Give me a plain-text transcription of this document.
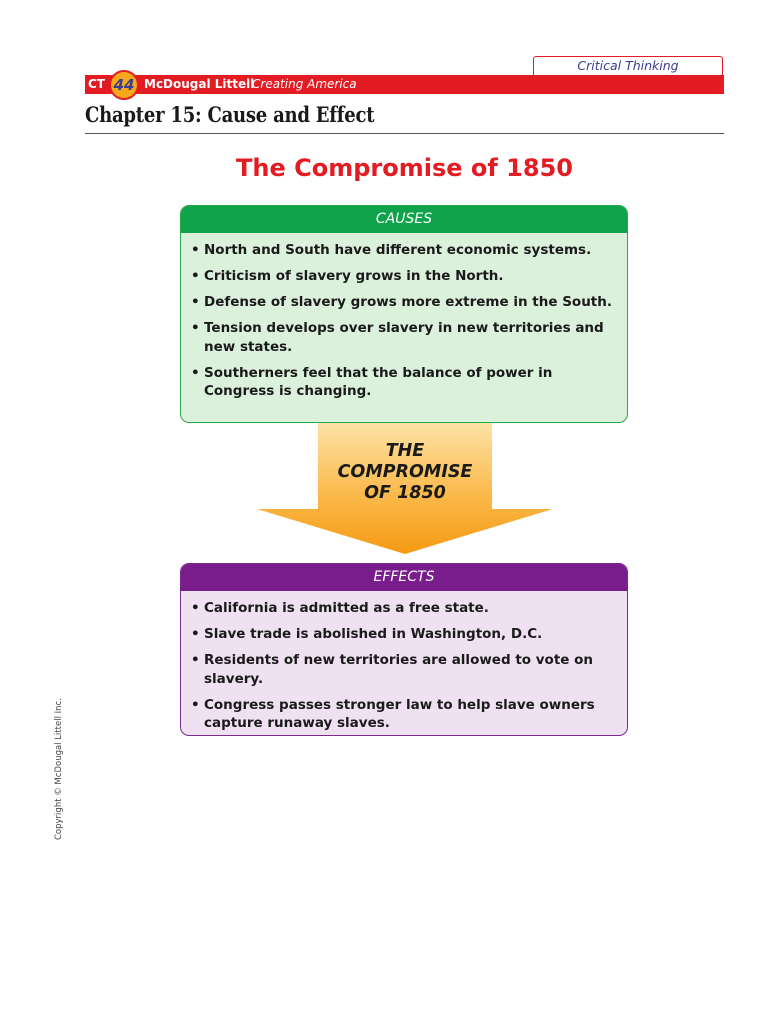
Critical Thinking
CT 44 McDougal Littell
Creating America
Chapter 15: Cause and Effect
The Compromise of 1850
CAUSES
• North and South have different economic systems.
• Criticism of slavery grows in the North.
• Defense of slavery grows more extreme in the South.
• Tension develops over slavery in new territories and new states.
• Southerners feel that the balance of power in Congress is changing.
THE
COMPROMISE
OF 1850
EFFECTS
• California is admitted as a free state.
• Slave trade is abolished in Washington, D.C.
• Residents of new territories are allowed to vote on slavery.
• Congress passes stronger law to help slave owners capture runaway slaves.
Copyright © McDougal Littell Inc.
